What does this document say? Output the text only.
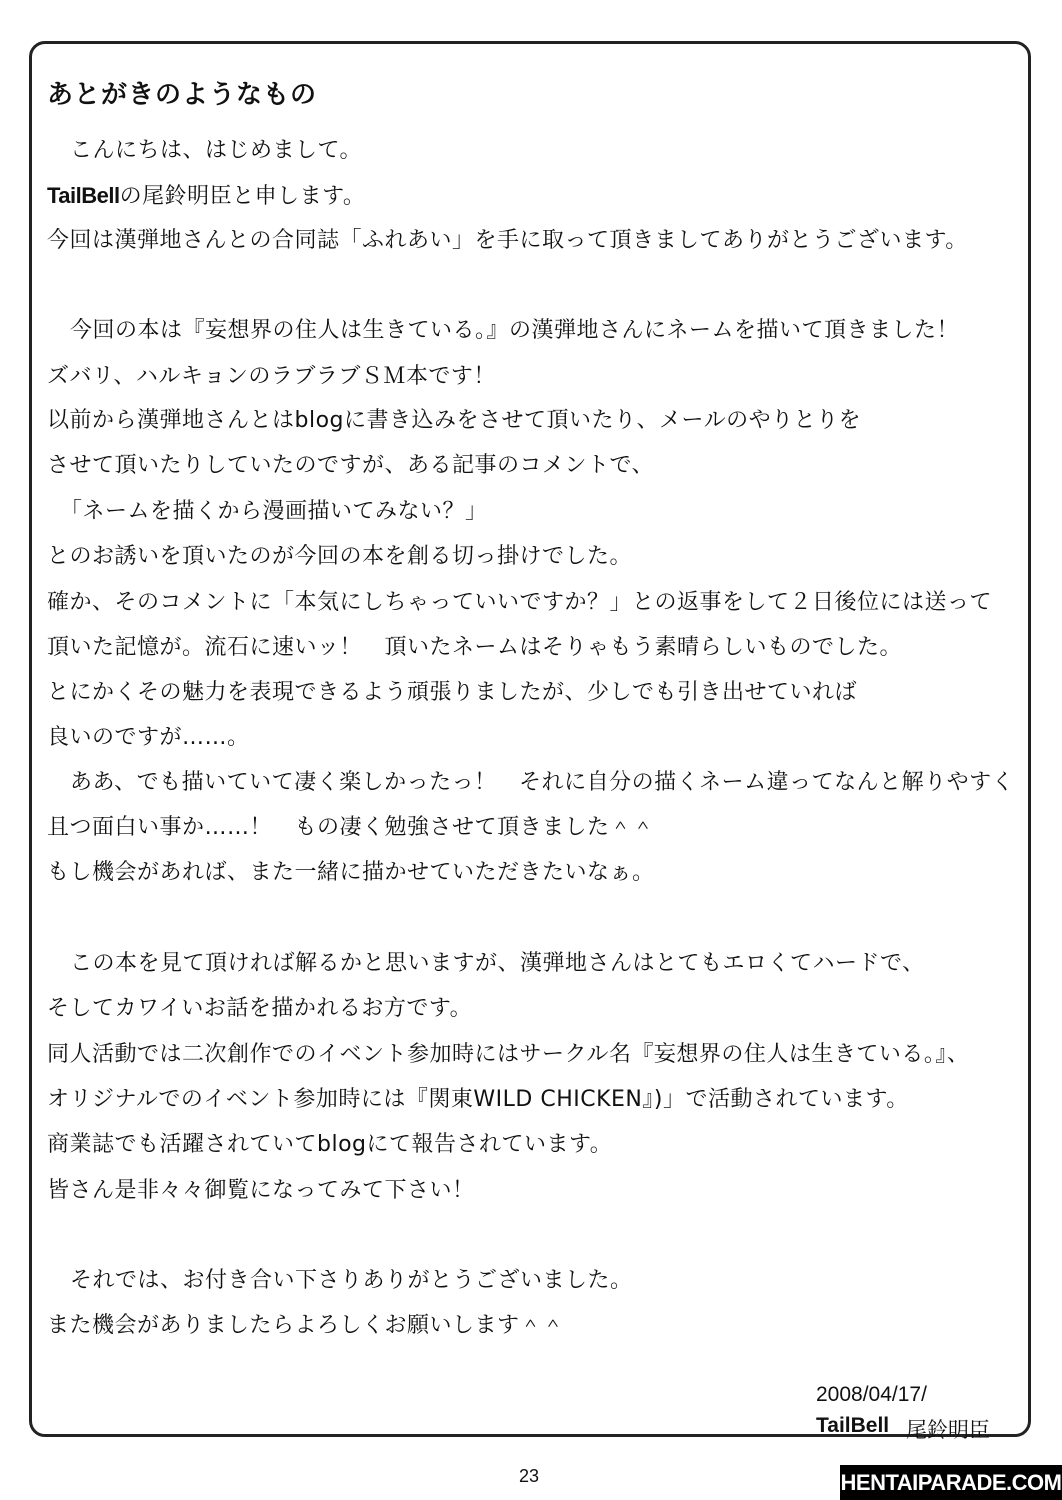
あとがきのようなもの
こんにちは、はじめまして。
TailBellの尾鈴明臣と申します。
今回は漢弾地さんとの合同誌「ふれあい」を手に取って頂きましてありがとうございます。
今回の本は『妄想界の住人は生きている。』の漢弾地さんにネームを描いて頂きました！
ズバリ、ハルキョンのラブラブＳＭ本です！
以前から漢弾地さんとはblogに書き込みをさせて頂いたり、メールのやりとりを
させて頂いたりしていたのですが、ある記事のコメントで、
「ネームを描くから漫画描いてみない？」
とのお誘いを頂いたのが今回の本を創る切っ掛けでした。
確か、そのコメントに「本気にしちゃっていいですか？」との返事をして２日後位には送って
頂いた記憶が。流石に速いッ！　頂いたネームはそりゃもう素晴らしいものでした。
とにかくその魅力を表現できるよう頑張りましたが、少しでも引き出せていれば
良いのですが……。
ああ、でも描いていて凄く楽しかったっ！　それに自分の描くネーム違ってなんと解りやすく
且つ面白い事か……！　もの凄く勉強させて頂きました＾＾
もし機会があれば、また一緒に描かせていただきたいなぁ。
この本を見て頂ければ解るかと思いますが、漢弾地さんはとてもエロくてハードで、
そしてカワイいお話を描かれるお方です。
同人活動では二次創作でのイベント参加時にはサークル名『妄想界の住人は生きている。』、
オリジナルでのイベント参加時には『関東WILD CHICKEN』)」で活動されています。
商業誌でも活躍されていてblogにて報告されています。
皆さん是非々々御覧になってみて下さい！
それでは、お付き合い下さりありがとうございました。
また機会がありましたらよろしくお願いします＾＾
2008/04/17/
TailBell 尾鈴明臣
23	HENTAIPARADE.COM
